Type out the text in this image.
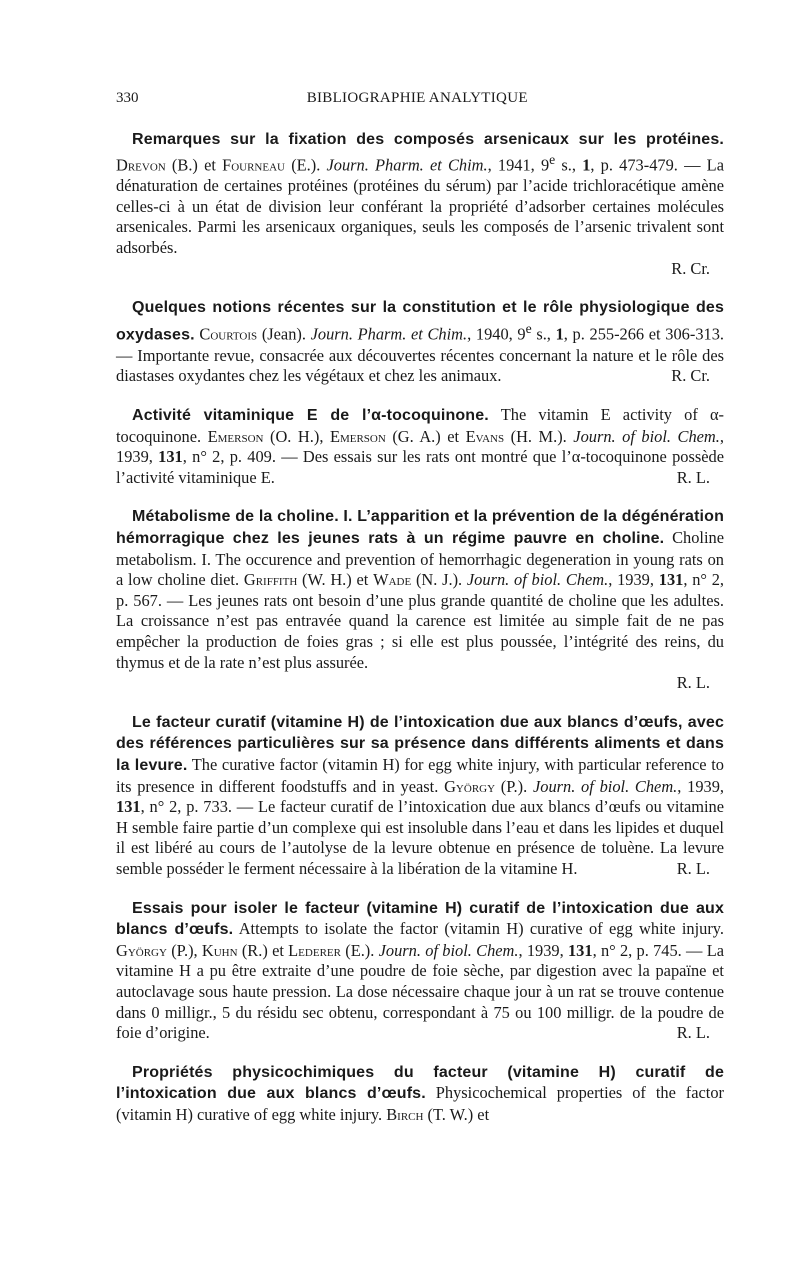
330	BIBLIOGRAPHIE ANALYTIQUE

Remarques sur la fixation des composés arsenicaux sur les protéines. Drevon (B.) et Fourneau (E.). Journ. Pharm. et Chim., 1941, 9e s., 1, p. 473-479. — La dénaturation de certaines protéines (protéines du sérum) par l’acide trichloracétique amène celles-ci à un état de division leur conférant la propriété d’adsorber certaines molécules arsenicales. Parmi les arsenicaux organiques, seuls les composés de l’arsenic trivalent sont adsorbés.

R. Cr.

Quelques notions récentes sur la constitution et le rôle physiologique des oxydases. Courtois (Jean). Journ. Pharm. et Chim., 1940, 9e s., 1, p. 255-266 et 306-313. — Importante revue, consacrée aux découvertes récentes concernant la nature et le rôle des diastases oxydantes chez les végétaux et chez les animaux.	R. Cr.

Activité vitaminique E de l’α-tocoquinone. The vitamin E activity of α-tocoquinone. Emerson (O. H.), Emerson (G. A.) et Evans (H. M.). Journ. of biol. Chem., 1939, 131, n° 2, p. 409. — Des essais sur les rats ont montré que l’α-tocoquinone possède l’activité vitaminique E.	R. L.

Métabolisme de la choline. I. L’apparition et la prévention de la dégénération hémorragique chez les jeunes rats à un régime pauvre en choline. Choline metabolism. I. The occurence and prevention of hemorrhagic degeneration in young rats on a low choline diet. Griffith (W. H.) et Wade (N. J.). Journ. of biol. Chem., 1939, 131, n° 2, p. 567. — Les jeunes rats ont besoin d’une plus grande quantité de choline que les adultes. La croissance n’est pas entravée quand la carence est limitée au simple fait de ne pas empêcher la production de foies gras ; si elle est plus poussée, l’intégrité des reins, du thymus et de la rate n’est plus assurée.

R. L.

Le facteur curatif (vitamine H) de l’intoxication due aux blancs d’œufs, avec des références particulières sur sa présence dans différents aliments et dans la levure. The curative factor (vitamin H) for egg white injury, with particular reference to its presence in different foodstuffs and in yeast. György (P.). Journ. of biol. Chem., 1939, 131, n° 2, p. 733. — Le facteur curatif de l’intoxication due aux blancs d’œufs ou vitamine H semble faire partie d’un complexe qui est insoluble dans l’eau et dans les lipides et duquel il est libéré au cours de l’autolyse de la levure obtenue en présence de toluène. La levure semble posséder le ferment nécessaire à la libération de la vitamine H.	R. L.

Essais pour isoler le facteur (vitamine H) curatif de l’intoxication due aux blancs d’œufs. Attempts to isolate the factor (vitamin H) curative of egg white injury. György (P.), Kuhn (R.) et Lederer (E.). Journ. of biol. Chem., 1939, 131, n° 2, p. 745. — La vitamine H a pu être extraite d’une poudre de foie sèche, par digestion avec la papaïne et autoclavage sous haute pression. La dose nécessaire chaque jour à un rat se trouve contenue dans 0 milligr., 5 du résidu sec obtenu, correspondant à 75 ou 100 milligr. de la poudre de foie d’origine.	R. L.

Propriétés physicochimiques du facteur (vitamine H) curatif de l’intoxication due aux blancs d’œufs. Physicochemical properties of the factor (vitamin H) curative of egg white injury. Birch (T. W.) et
